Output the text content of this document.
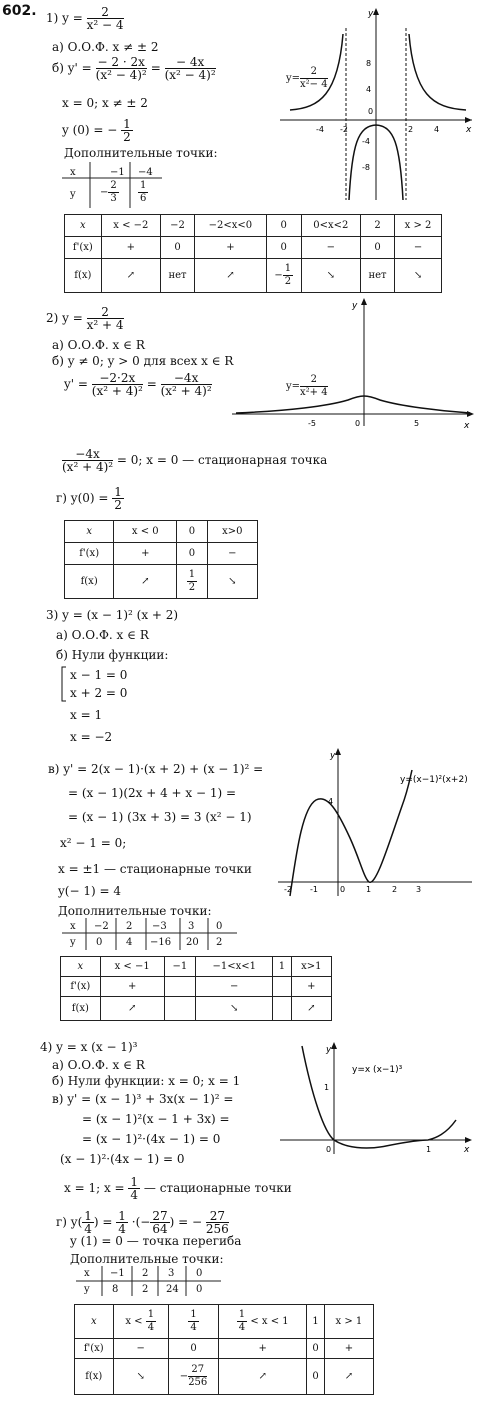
602. 1) $y = \frac{2}{\text{x² − 4}}$
а) О.О.Ф. x ≠ ± 2
б) $y' = \frac{- 2 \cdot 2x}{\text{(x² − 4)²}} = \frac{- 4x}{\text{(x² − 4)²}}$
x = 0; x ≠ ± 2
y (0) = − $\frac{1}{2}$
Дополнительные точки:
x	−1 −4
$y - \frac{2}{3} \frac{1}{6}$
x	x < −2	−2	−2<x<0	0	0<x<2	2	x > 2
f'(x)	+	0	+	0	−	0	−
f(x)	↗	нет	↗	− $\frac{1}{2}$	↘	нет	↘
y
x
-4 -2
0
2	4
8
4
-4
-8
$y= \frac{2}{\text{x²− 4}}$
2) $y = \frac{2}{\text{x² + 4}}$
а) О.О.Ф. x ∈ R
б) y ≠ 0; y > 0 для всех x ∈ R
$y' = \frac{-2\cdot 2x}{\text{(x² + 4)²}} = \frac{-4x}{\text{(x² + 4)²}}$
$\frac{-4x}{\text{(x² + 4)²}} = 0$; x = 0 — стационарная точка
г) $y(0) = \frac{1}{2}$
x	x < 0	0	x>0
f'(x)	+	0	−
f(x)	↗	$\frac{1}{2}$	↘
y
x
-5	0	5
$y= \frac{2}{\text{x²+ 4}}$
3) y = (x − 1)² (x + 2)
а) О.О.Ф. x ∈ R
б) Нули функции:
x − 1 = 0
x + 2 = 0
x = 1
x = −2
в) y' = 2(x − 1)·(x + 2) + (x − 1)² =
= (x − 1)(2x + 4 + x − 1) =
= (x − 1) (3x + 3) = 3 (x² − 1)
x² − 1 = 0;
x = ±1 — стационарные точки
y(− 1) = 4
Дополнительные точки:
x −2 2 −3 3 0
y 0 4 −16 20 2
x	x < −1	−1	−1<x<1	1	x>1
f'(x)	+		−		+
f(x)	↗		↘		↗
y
4
-2 -1	0	1	2 3
y=(x−1)²(x+2)
4) y = x (x − 1)³
а) О.О.Ф. x ∈ R
б) Нули функции: x = 0; x = 1
в) y' = (x − 1)³ + 3x(x − 1)² =
= (x − 1)²(x − 1 + 3x) =
= (x − 1)²·(4x − 1) = 0
(x − 1)²·(4x − 1) = 0
x = 1; $x = \frac{1}{4}$ — стационарные точки
г) $y( \frac{1}{4}$ ) = $\frac{1}{4}$ ·(− $\frac{27}{64}$ ) = − $\frac{27}{256}$
y (1) = 0 — точка перегиба
Дополнительные точки:
x −1 2 3 0
y 8 2 24 0
x	$x < \frac{1}{4}$	$\frac{1}{4}$	$\frac{1}{4} < x < 1$	1	x > 1
f'(x)	−	0	+	0	+
f(x)	↘	− $\frac{27}{256}$	↗	0	↗
y
x
1
0	1
y=x (x−1)³
